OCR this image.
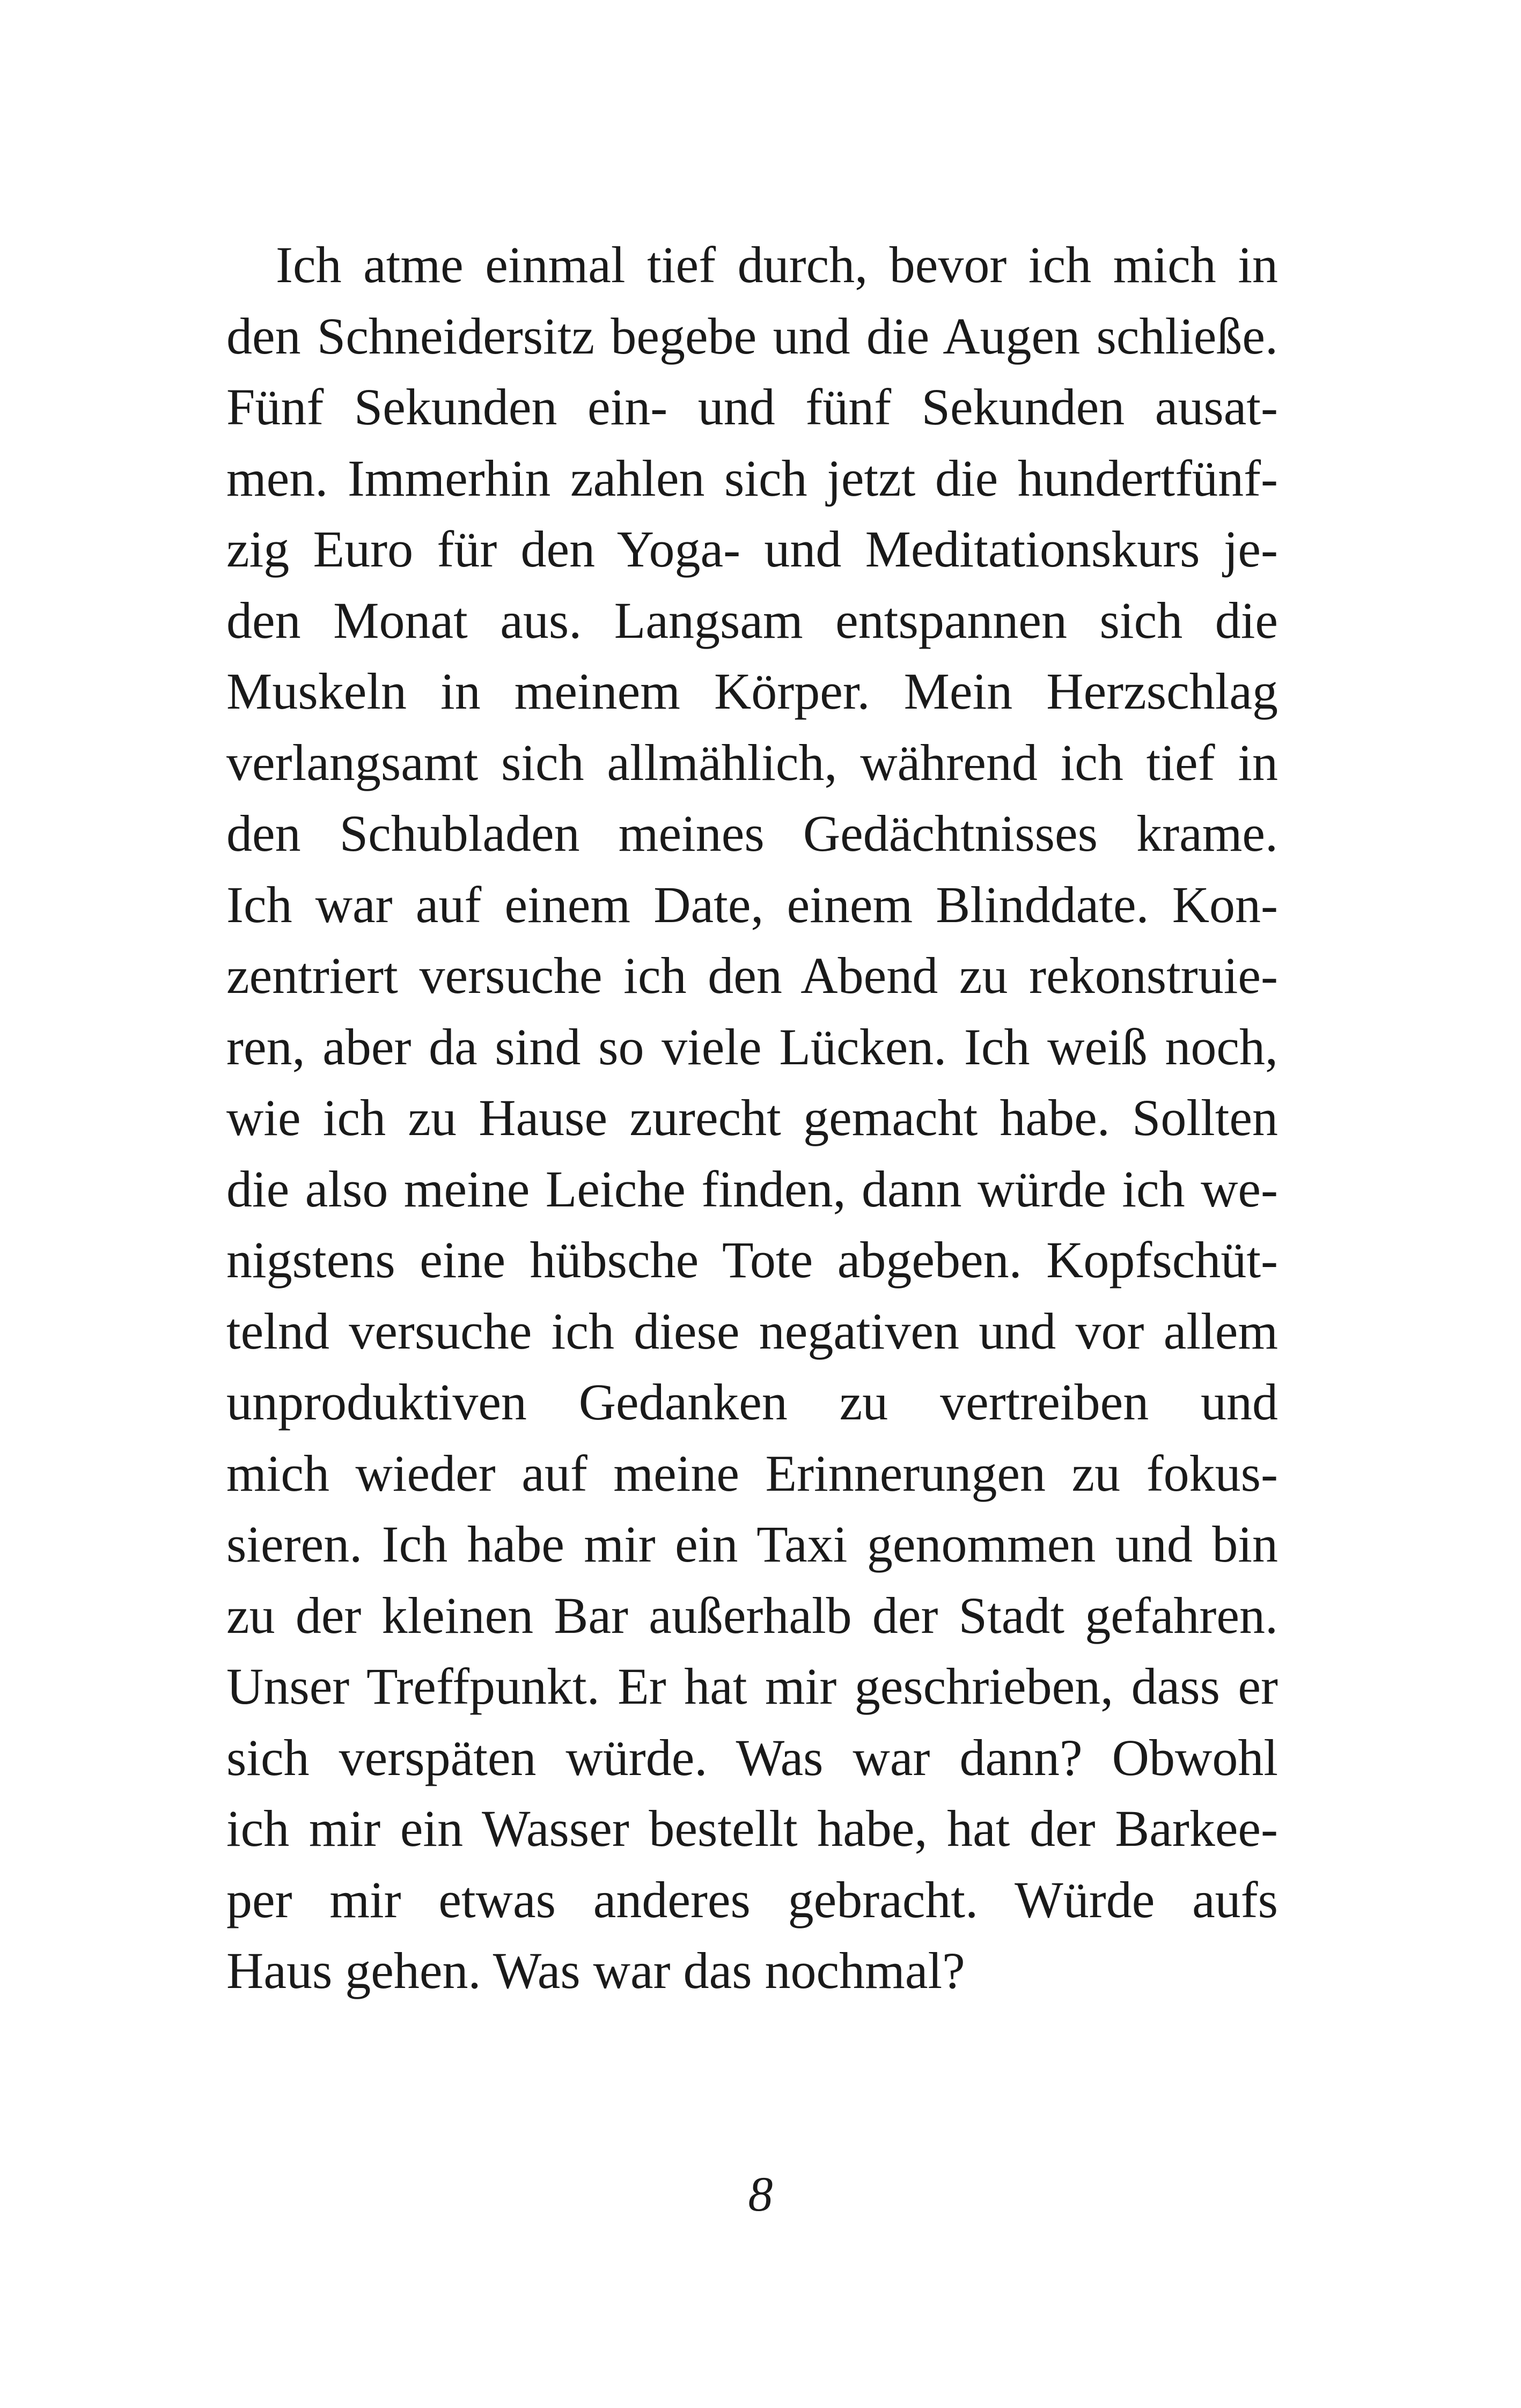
Ich atme einmal tief durch, bevor ich mich in
den Schneidersitz begebe und die Augen schließe.
Fünf Sekunden ein- und fünf Sekunden ausat-
men. Immerhin zahlen sich jetzt die hundertfünf-
zig Euro für den Yoga- und Meditationskurs je-
den Monat aus. Langsam entspannen sich die
Muskeln in meinem Körper. Mein Herzschlag
verlangsamt sich allmählich, während ich tief in
den Schubladen meines Gedächtnisses krame.
Ich war auf einem Date, einem Blinddate. Kon-
zentriert versuche ich den Abend zu rekonstruie-
ren, aber da sind so viele Lücken. Ich weiß noch,
wie ich zu Hause zurecht gemacht habe. Sollten
die also meine Leiche finden, dann würde ich we-
nigstens eine hübsche Tote abgeben. Kopfschüt-
telnd versuche ich diese negativen und vor allem
unproduktiven Gedanken zu vertreiben und
mich wieder auf meine Erinnerungen zu fokus-
sieren. Ich habe mir ein Taxi genommen und bin
zu der kleinen Bar außerhalb der Stadt gefahren.
Unser Treffpunkt. Er hat mir geschrieben, dass er
sich verspäten würde. Was war dann? Obwohl
ich mir ein Wasser bestellt habe, hat der Barkee-
per mir etwas anderes gebracht. Würde aufs
Haus gehen. Was war das nochmal?
8
